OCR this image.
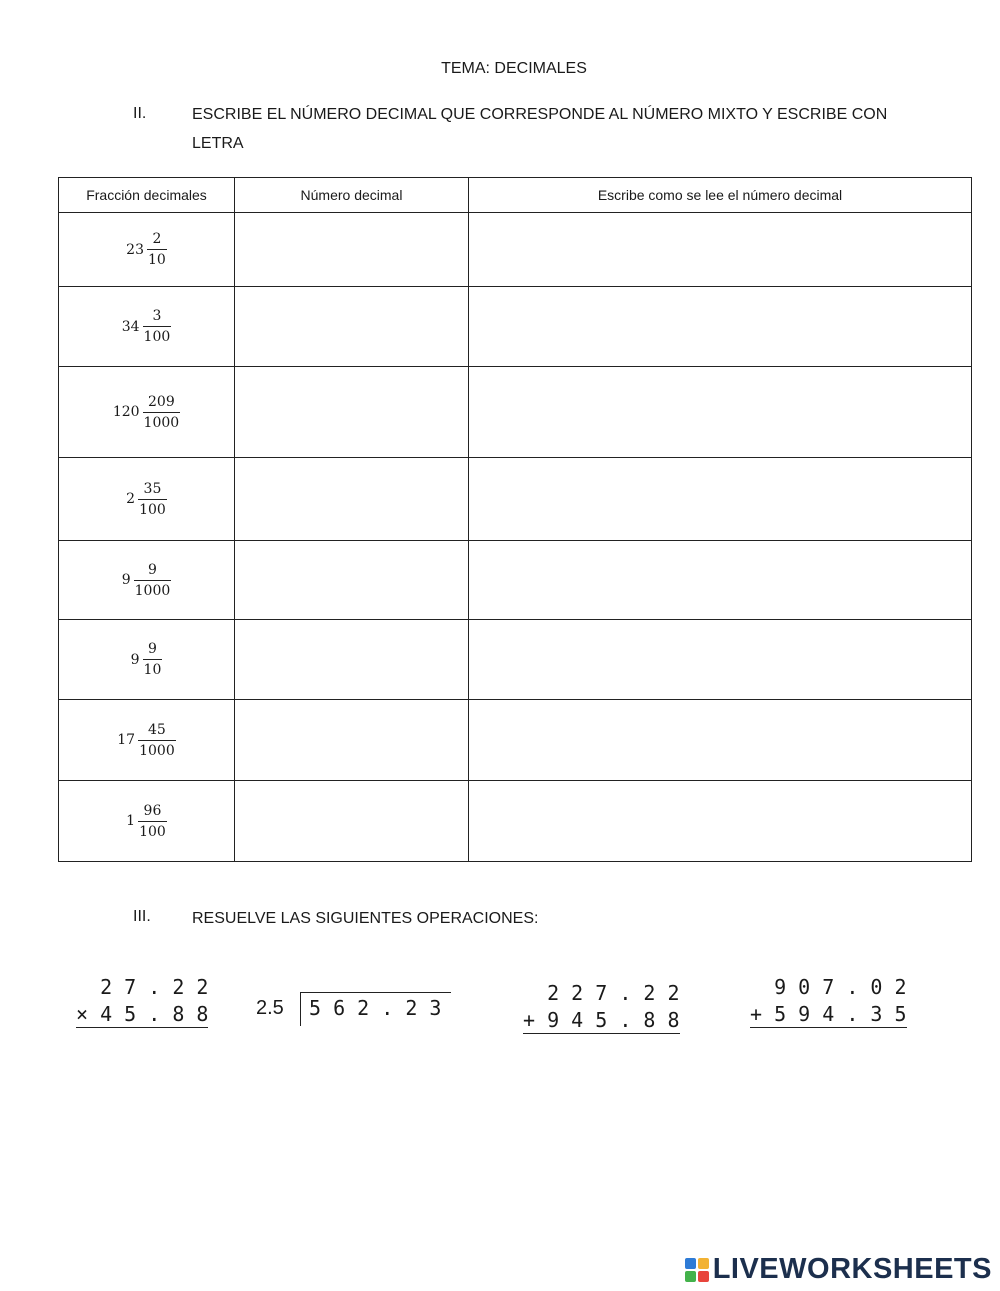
TEMA: DECIMALES
II.	ESCRIBE EL NÚMERO DECIMAL QUE CORRESPONDE AL NÚMERO MIXTO Y ESCRIBE CON
LETRA
Fracción decimales	Número decimal	Escribe como se lee el número decimal

$23 \frac{2}{10}$

$34 \frac{3}{100}$

$120 \frac{209}{1000}$

$2 \frac{35}{100}$

$9 \frac{9}{1000}$

$9 \frac{9}{10}$

$17 \frac{45}{1000}$

$1 \frac{96}{100}$

III.	RESUELVE LAS SIGUIENTES OPERACIONES:
2 7 . 2 2
× 4 5 . 8 8 2.5 5 6 2 . 2 3
2 2 7 . 2 2
+ 9 4 5 . 8 8
9 0 7 . 0 2
+ 5 9 4 . 3 5
LIVEWORKSHEETS
